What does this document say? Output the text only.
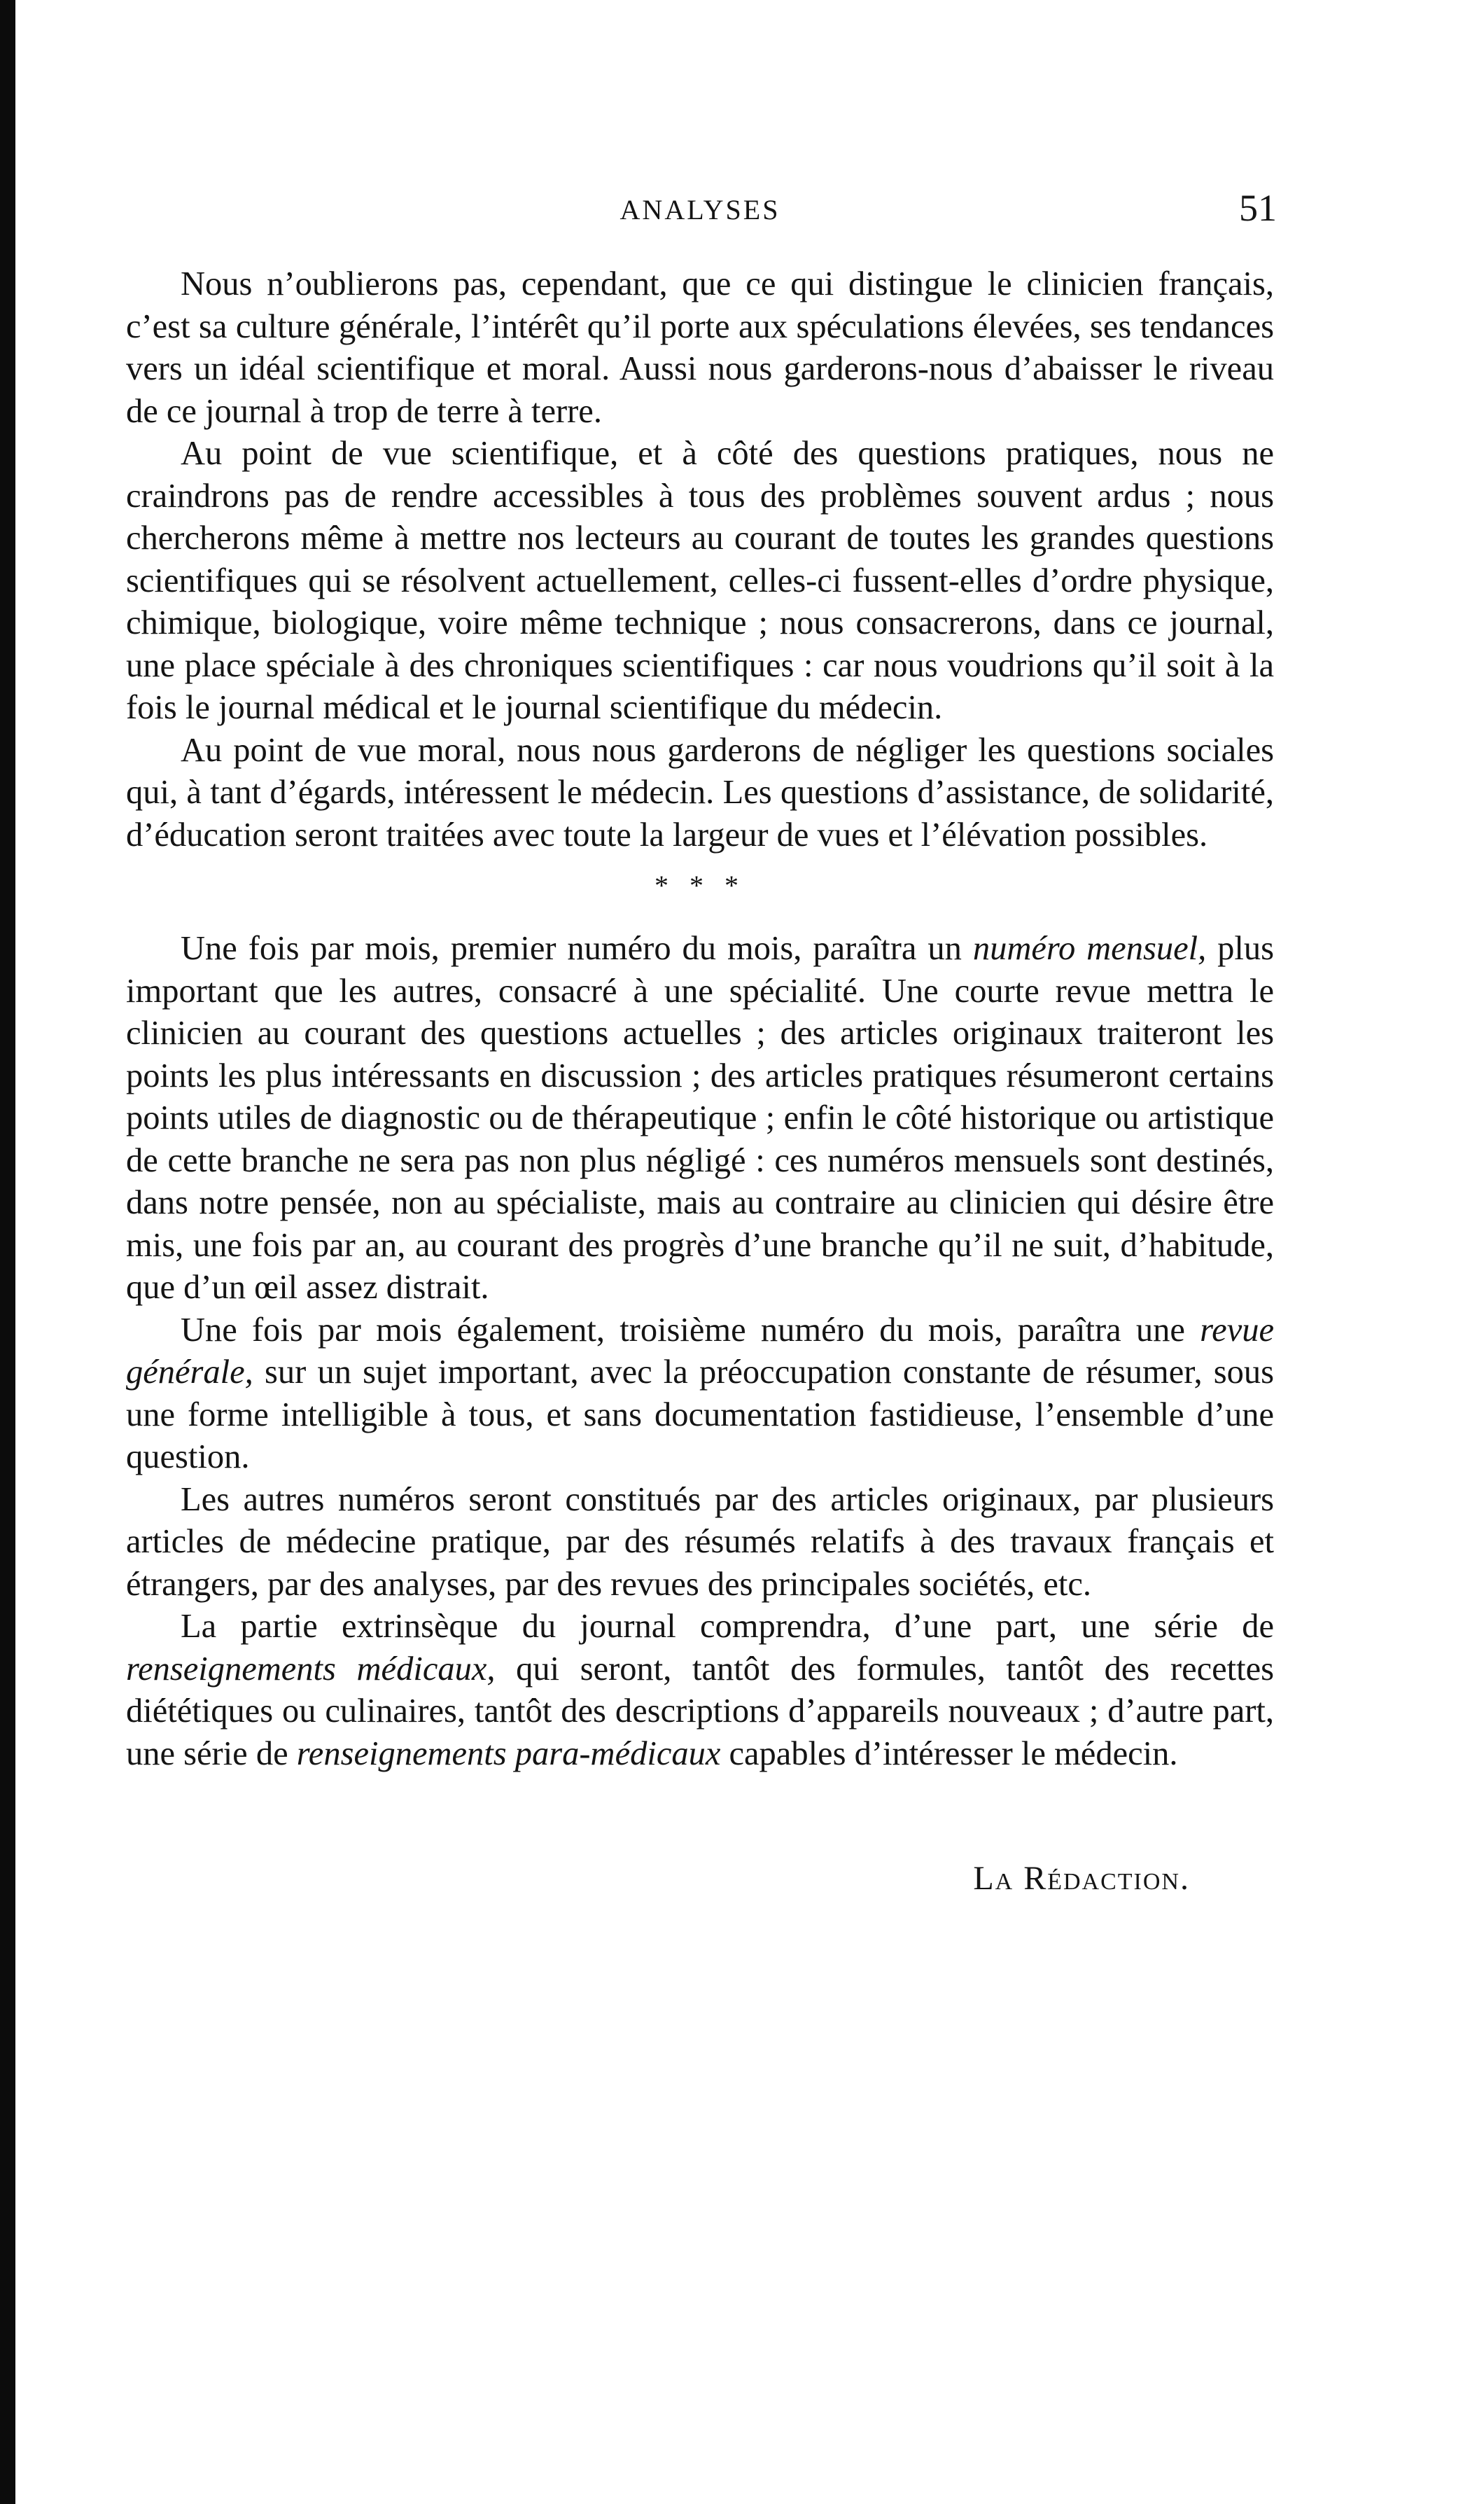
ANALYSES	51

Nous n’oublierons pas, cependant, que ce qui distingue le clinicien français, c’est sa culture générale, l’intérêt qu’il porte aux spéculations élevées, ses tendances vers un idéal scientifique et moral. Aussi nous garderons-nous d’abaisser le riveau de ce journal à trop de terre à terre.

Au point de vue scientifique, et à côté des questions pratiques, nous ne craindrons pas de rendre accessibles à tous des problèmes souvent ardus ; nous chercherons même à mettre nos lecteurs au courant de toutes les grandes questions scientifiques qui se résolvent actuellement, celles-ci fussent-elles d’ordre physique, chimique, biologique, voire même technique ; nous consacrerons, dans ce journal, une place spéciale à des chroniques scientifiques : car nous voudrions qu’il soit à la fois le journal médical et le journal scientifique du médecin.

Au point de vue moral, nous nous garderons de négliger les questions sociales qui, à tant d’égards, intéressent le médecin. Les questions d’assistance, de solidarité, d’éducation seront traitées avec toute la largeur de vues et l’élévation possibles.

* * *

Une fois par mois, premier numéro du mois, paraîtra un numéro mensuel, plus important que les autres, consacré à une spécialité. Une courte revue mettra le clinicien au courant des questions actuelles ; des articles originaux traiteront les points les plus intéressants en discussion ; des articles pratiques résumeront certains points utiles de diagnostic ou de thérapeutique ; enfin le côté historique ou artistique de cette branche ne sera pas non plus négligé : ces numéros mensuels sont destinés, dans notre pensée, non au spécialiste, mais au contraire au clinicien qui désire être mis, une fois par an, au courant des progrès d’une branche qu’il ne suit, d’habitude, que d’un œil assez distrait.

Une fois par mois également, troisième numéro du mois, paraîtra une revue générale, sur un sujet important, avec la préoccupation constante de résumer, sous une forme intelligible à tous, et sans documentation fastidieuse, l’ensemble d’une question.

Les autres numéros seront constitués par des articles originaux, par plusieurs articles de médecine pratique, par des résumés relatifs à des travaux français et étrangers, par des analyses, par des revues des principales sociétés, etc.

La partie extrinsèque du journal comprendra, d’une part, une série de renseignements médicaux, qui seront, tantôt des formules, tantôt des recettes diététiques ou culinaires, tantôt des descriptions d’appareils nouveaux ; d’autre part, une série de renseignements para-médicaux capables d’intéresser le médecin.

La Rédaction.
